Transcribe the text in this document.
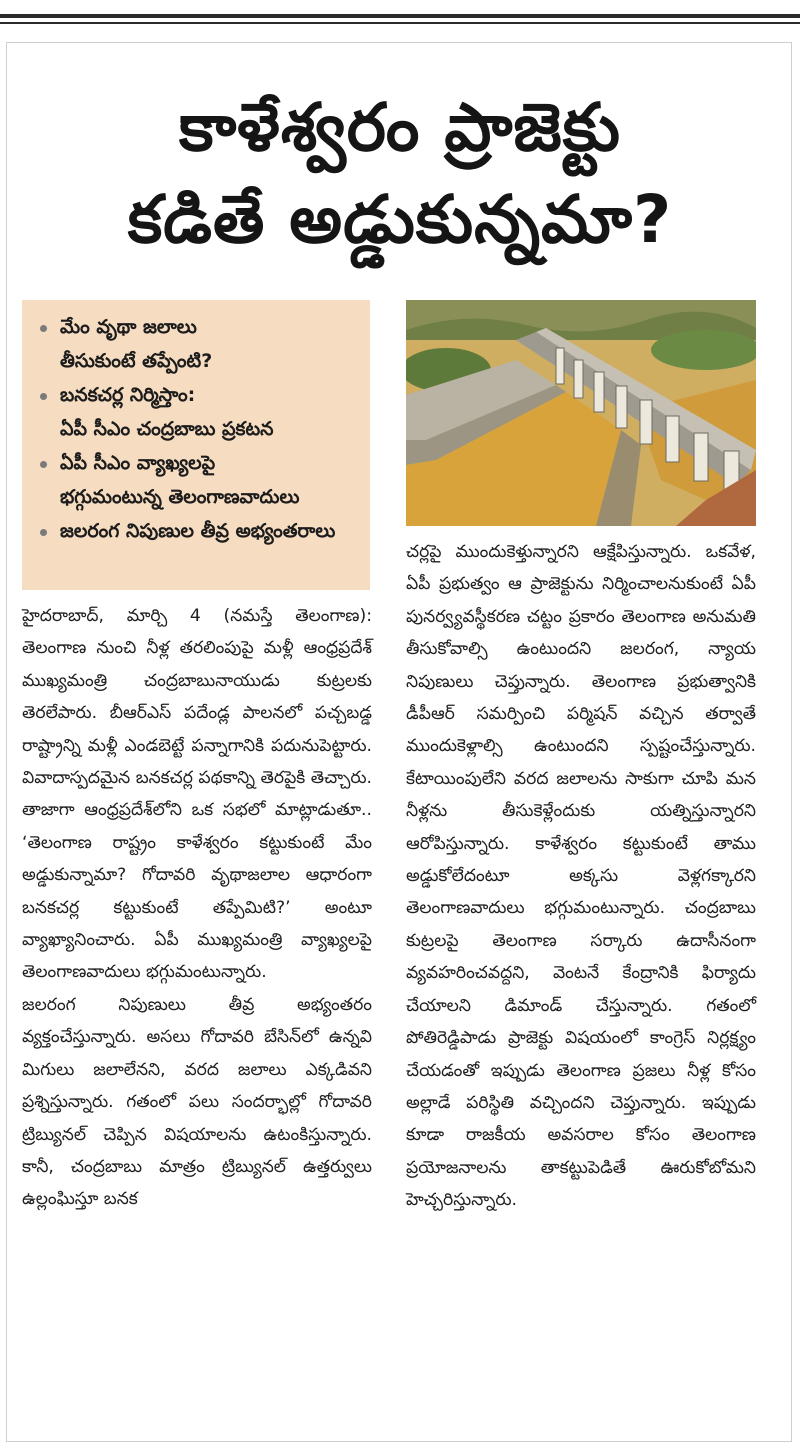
కాళేశ్వరం ప్రాజెక్టు
కడితే అడ్డుకున్నమా?
మేం వృథా జలాలు
తీసుకుంటే తప్పేంటి?
బనకచర్ల నిర్మిస్తాం:
ఏపీ సీఎం చంద్రబాబు ప్రకటన
ఏపీ సీఎం వ్యాఖ్యలపై
భగ్గుమంటున్న తెలంగాణవాదులు
జలరంగ నిపుణుల తీవ్ర అభ్యంతరాలు

హైదరాబాద్, మార్చి 4 (నమస్తే తెలంగాణ): తెలంగాణ నుంచి నీళ్ల తరలింపుపై మళ్లీ ఆంధ్రప్రదేశ్ ముఖ్యమంత్రి చంద్రబాబునాయుడు కుట్రలకు తెరలేపారు. బీఆర్ఎస్ పదేండ్ల పాలనలో పచ్చబడ్డ రాష్ట్రాన్ని మళ్లీ ఎండబెట్టే పన్నాగానికి పదునుపెట్టారు. వివాదాస్పదమైన బనకచర్ల పథకాన్ని తెరపైకి తెచ్చారు. తాజాగా ఆంధ్రప్రదేశ్‌లోని ఒక సభలో మాట్లాడుతూ.. ‘తెలంగాణ రాష్ట్రం కాళేశ్వరం కట్టుకుంటే మేం అడ్డుకున్నామా? గోదావరి వృథాజలాల ఆధారంగా బనకచర్ల కట్టుకుంటే తప్పేమిటి?’ అంటూ వ్యాఖ్యానించారు. ఏపీ ముఖ్యమంత్రి వ్యాఖ్యలపై తెలంగాణవాదులు భగ్గుమంటున్నారు.

జలరంగ నిపుణులు తీవ్ర అభ్యంతరం వ్యక్తంచేస్తున్నారు. అసలు గోదావరి బేసిన్‌లో ఉన్నవి మిగులు జలాలేనని, వరద జలాలు ఎక్కడివని ప్రశ్నిస్తున్నారు. గతంలో పలు సందర్భాల్లో గోదావరి ట్రిబ్యునల్ చెప్పిన విషయాలను ఉటంకిస్తున్నారు. కానీ, చంద్రబాబు మాత్రం ట్రిబ్యునల్ ఉత్తర్వులు ఉల్లంఘిస్తూ బనక

చర్లపై ముందుకెళ్తున్నారని ఆక్షేపిస్తున్నారు. ఒకవేళ, ఏపీ ప్రభుత్వం ఆ ప్రాజెక్టును నిర్మించాలనుకుంటే ఏపీ పునర్వ్యవస్థీకరణ చట్టం ప్రకారం తెలంగాణ అనుమతి తీసుకోవాల్సి ఉంటుందని జలరంగ, న్యాయ నిపుణులు చెప్తున్నారు. తెలంగాణ ప్రభుత్వానికి డీపీఆర్ సమర్పించి పర్మిషన్ వచ్చిన తర్వాతే ముందుకెళ్లాల్సి ఉంటుందని స్పష్టంచేస్తున్నారు. కేటాయింపులేని వరద జలాలను సాకుగా చూపి మన నీళ్లను తీసుకెళ్లేందుకు యత్నిస్తున్నారని ఆరోపిస్తున్నారు. కాళేశ్వరం కట్టుకుంటే తాము అడ్డుకోలేదంటూ అక్కసు వెళ్లగక్కారని తెలంగాణవాదులు భగ్గుమంటున్నారు. చంద్రబాబు కుట్రలపై తెలంగాణ సర్కారు ఉదాసీనంగా వ్యవహరించవద్దని, వెంటనే కేంద్రానికి ఫిర్యాదు చేయాలని డిమాండ్ చేస్తున్నారు. గతంలో పోతిరెడ్డిపాడు ప్రాజెక్టు విషయంలో కాంగ్రెస్ నిర్లక్ష్యం చేయడంతో ఇప్పుడు తెలంగాణ ప్రజలు నీళ్ల కోసం అల్లాడే పరిస్థితి వచ్చిందని చెప్తున్నారు. ఇప్పుడు కూడా రాజకీయ అవసరాల కోసం తెలంగాణ ప్రయోజనాలను తాకట్టుపెడితే ఊరుకోబోమని హెచ్చరిస్తున్నారు.
